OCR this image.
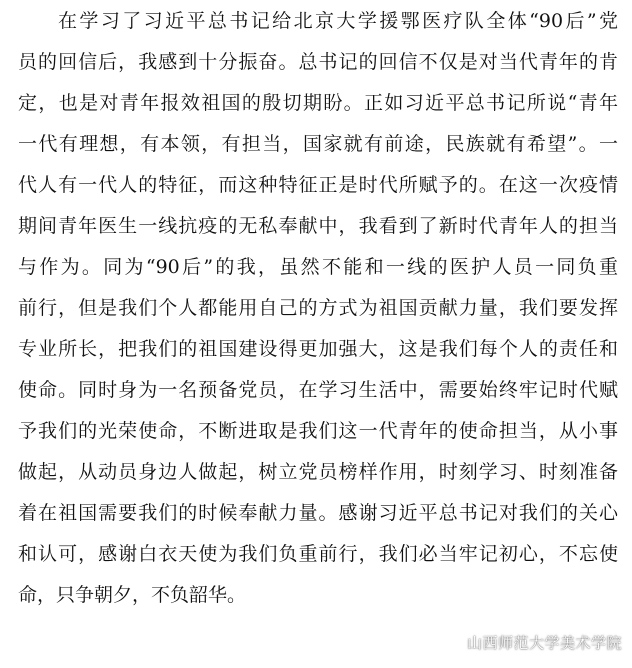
在学习了习近平总书记给北京大学援鄂医疗队全体“90后”党
员的回信后，我感到十分振奋。总书记的回信不仅是对当代青年的肯
定，也是对青年报效祖国的殷切期盼。正如习近平总书记所说“青年
一代有理想，有本领，有担当，国家就有前途，民族就有希望”。一
代人有一代人的特征，而这种特征正是时代所赋予的。在这一次疫情
期间青年医生一线抗疫的无私奉献中，我看到了新时代青年人的担当
与作为。同为“90后”的我，虽然不能和一线的医护人员一同负重
前行，但是我们个人都能用自己的方式为祖国贡献力量，我们要发挥
专业所长，把我们的祖国建设得更加强大，这是我们每个人的责任和
使命。同时身为一名预备党员，在学习生活中，需要始终牢记时代赋
予我们的光荣使命，不断进取是我们这一代青年的使命担当，从小事
做起，从动员身边人做起，树立党员榜样作用，时刻学习、时刻准备
着在祖国需要我们的时候奉献力量。感谢习近平总书记对我们的关心
和认可，感谢白衣天使为我们负重前行，我们必当牢记初心，不忘使
命，只争朝夕，不负韶华。
山西师范大学美术学院
